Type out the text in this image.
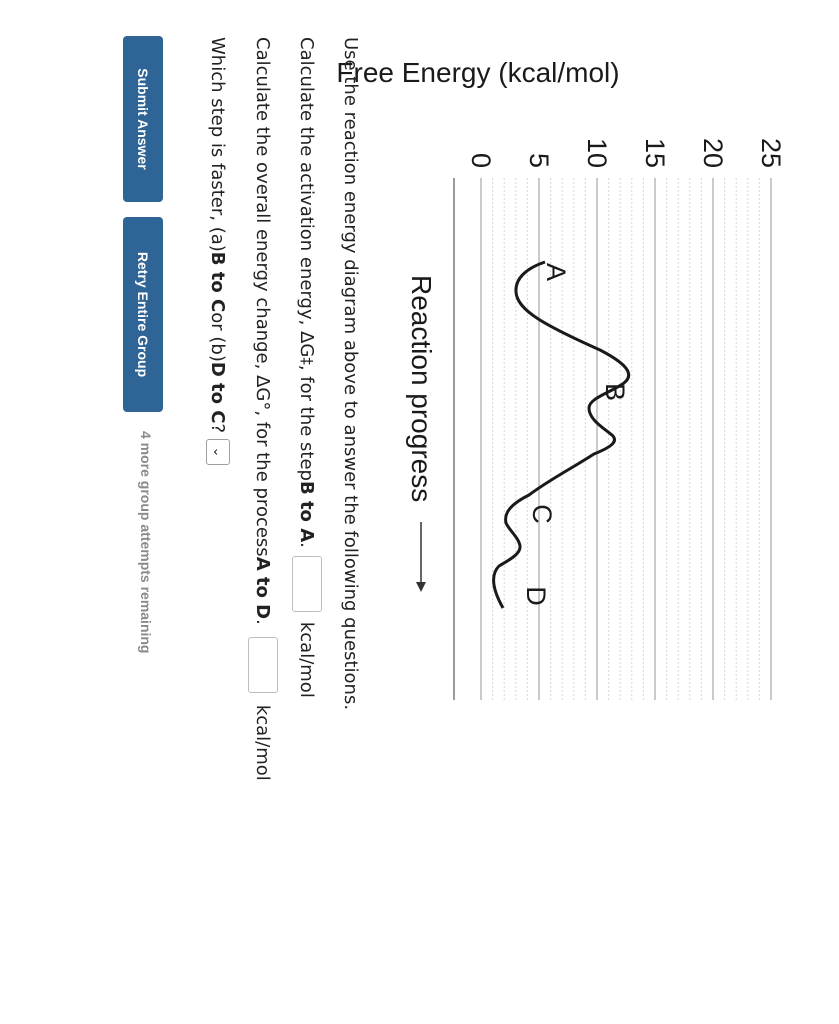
0 5 10 15 20 25
Free Energy (kcal/mol)
Reaction progress
A
B
C
D
Use the reaction energy diagram above to answer the following questions.
Calculate the activation energy, ΔG
‡
, for the step
B to A
.
kcal/mol
Calculate the overall energy change, ΔG°, for the process
A to D
.
kcal/mol
Which step is faster, (a)
B to C
or (b)
D to C
?
⌄
Submit Answer
Retry Entire Group
4 more group attempts remaining
